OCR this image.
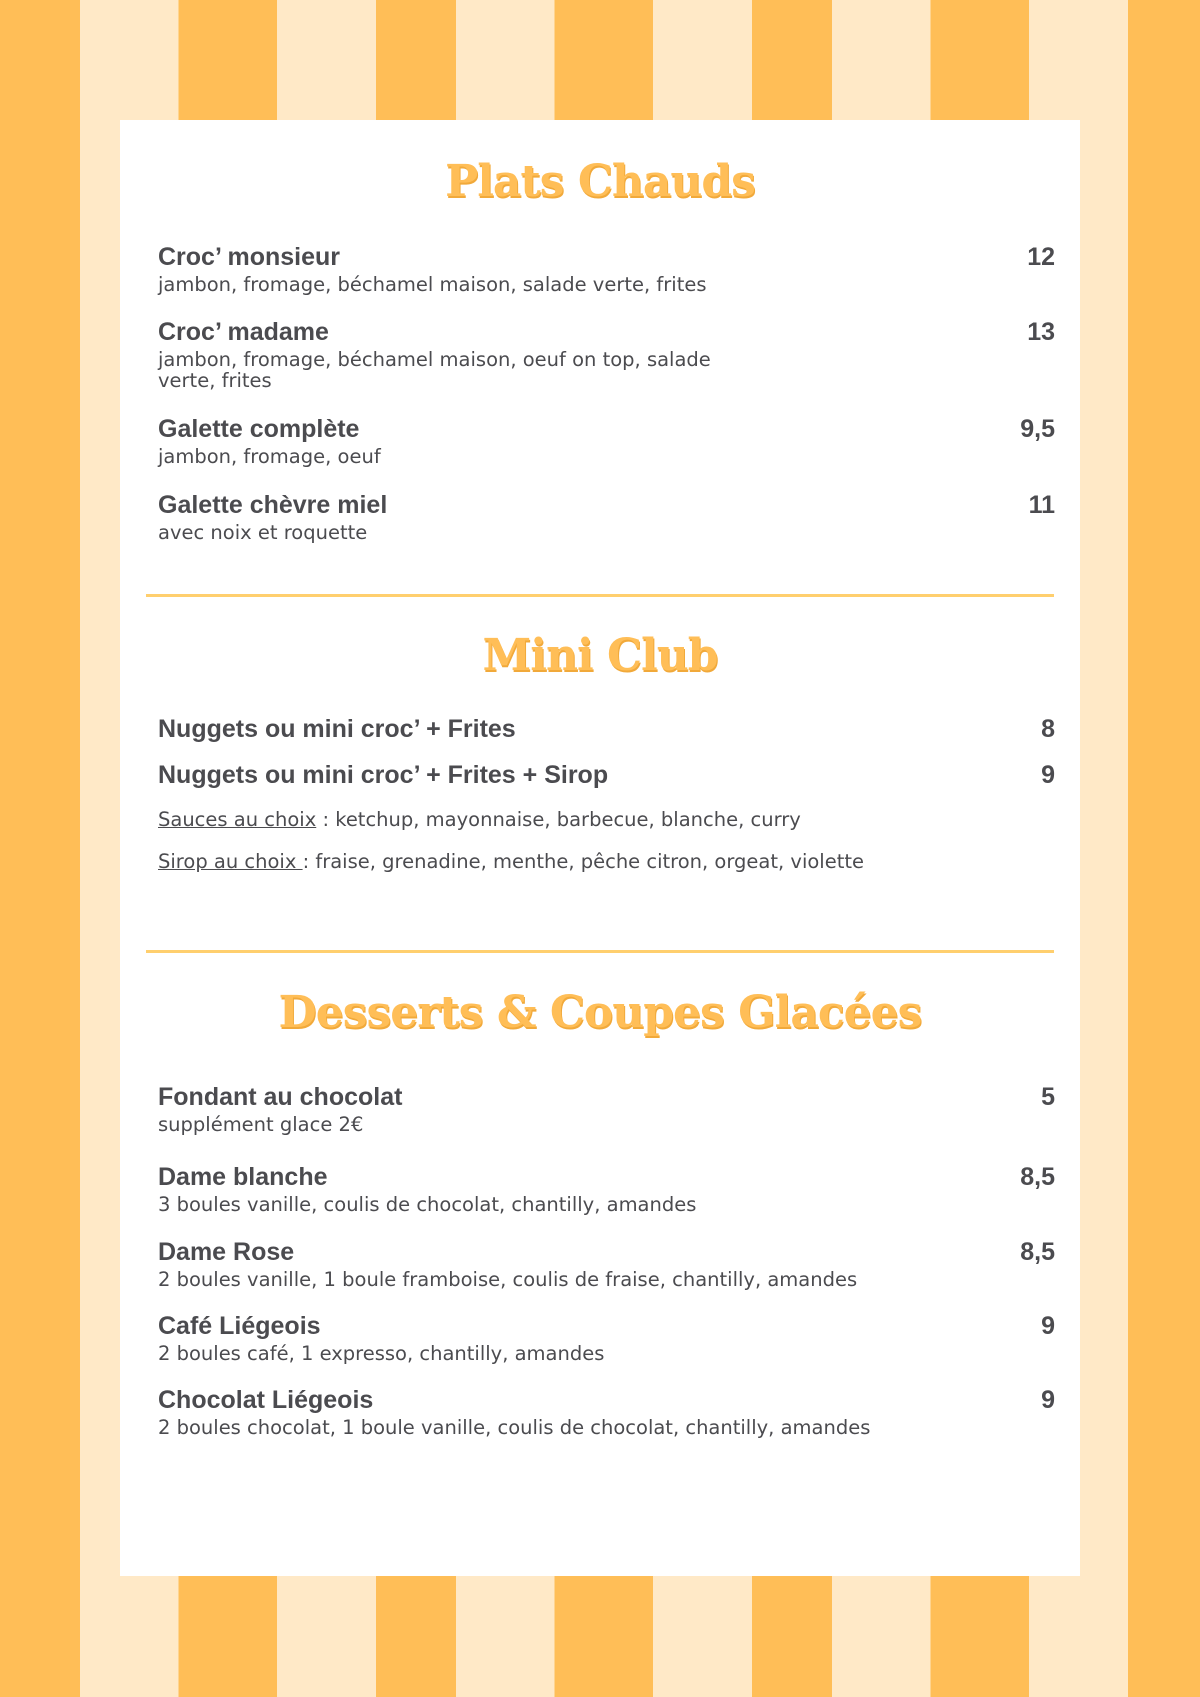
Plats Chauds
Croc’ monsieur
jambon, fromage, béchamel maison, salade verte, frites
12
Croc’ madame
jambon, fromage, béchamel maison, oeuf on top, salade verte, frites
13
Galette complète
jambon, fromage, oeuf
9,5
Galette chèvre miel
avec noix et roquette
11
Mini Club
Nuggets ou mini croc’ + Frites	8
Nuggets ou mini croc’ + Frites + Sirop	9
Sauces au choix : ketchup, mayonnaise, barbecue, blanche, curry
Sirop au choix : fraise, grenadine, menthe, pêche citron, orgeat, violette
Desserts & Coupes Glacées
Fondant au chocolat
supplément glace 2€
5
Dame blanche
3 boules vanille, coulis de chocolat, chantilly, amandes
8,5
Dame Rose
2 boules vanille, 1 boule framboise, coulis de fraise, chantilly, amandes
8,5
Café Liégeois
2 boules café, 1 expresso, chantilly, amandes
9
Chocolat Liégeois
2 boules chocolat, 1 boule vanille, coulis de chocolat, chantilly, amandes
9
